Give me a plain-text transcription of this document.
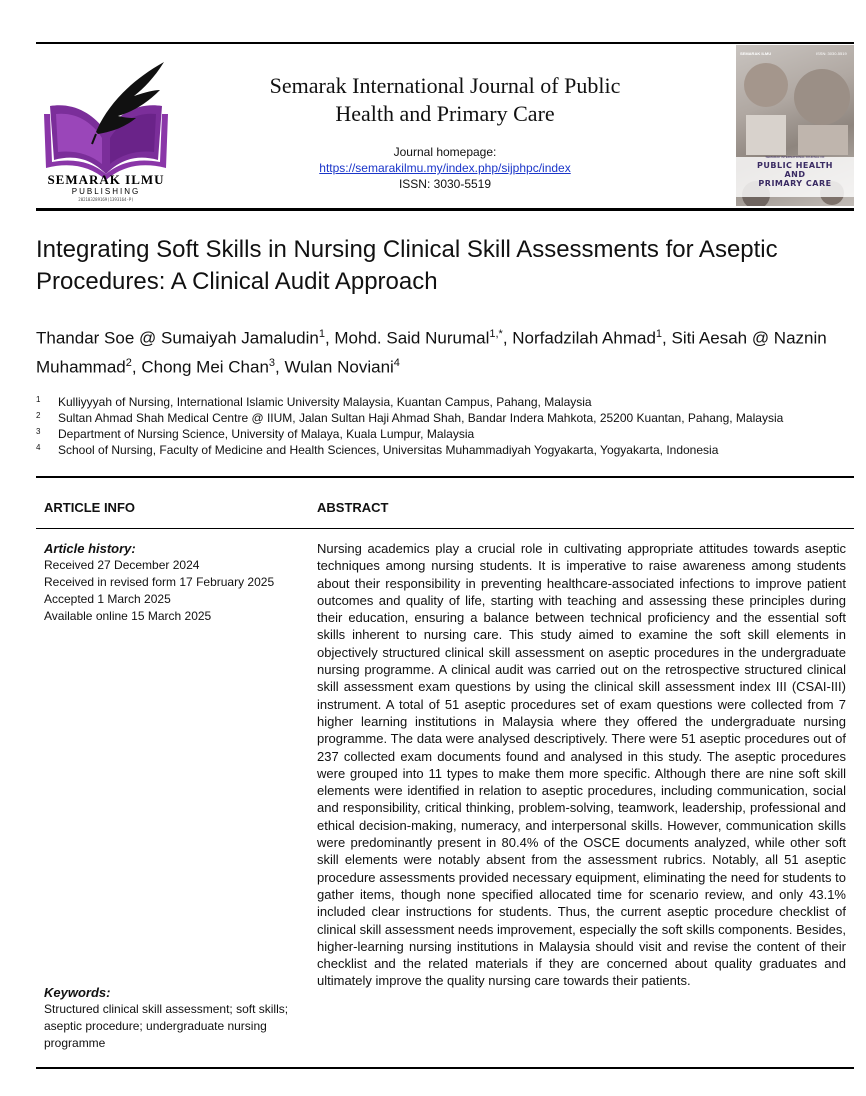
SEMARAK ILMU
PUBLISHING
202103289169(1393164-P)
Semarak International Journal of Public
Health and Primary Care
Journal homepage:
https://semarakilmu.my/index.php/sijphpc/index
ISSN: 3030-5519
SEMARAK ILMU	ISSN: 3030-5519
SEMARAK INTERNATIONAL JOURNAL OF
PUBLIC HEALTH
AND
PRIMARY CARE
Integrating Soft Skills in Nursing Clinical Skill Assessments for Aseptic
Procedures: A Clinical Audit Approach
Thandar Soe @ Sumaiyah Jamaludin$^1$, Mohd. Said Nurumal$^{1,*}$, Norfadzilah Ahmad$^1$, Siti Aesah @ Naznin Muhammad$^2$, Chong Mei Chan$^3$, Wulan Noviani$^4$
1 Kulliyyyah of Nursing, International Islamic University Malaysia, Kuantan Campus, Pahang, Malaysia
2 Sultan Ahmad Shah Medical Centre @ IIUM, Jalan Sultan Haji Ahmad Shah, Bandar Indera Mahkota, 25200 Kuantan, Pahang, Malaysia
3 Department of Nursing Science, University of Malaya, Kuala Lumpur, Malaysia
4 School of Nursing, Faculty of Medicine and Health Sciences, Universitas Muhammadiyah Yogyakarta, Yogyakarta, Indonesia
ARTICLE INFO	ABSTRACT
Article history:
Received 27 December 2024
Received in revised form 17 February 2025
Accepted 1 March 2025
Available online 15 March 2025
Keywords:
Structured clinical skill assessment; soft skills; aseptic procedure; undergraduate nursing programme
Nursing academics play a crucial role in cultivating appropriate attitudes towards aseptic techniques among nursing students. It is imperative to raise awareness among students about their responsibility in preventing healthcare-associated infections to improve patient outcomes and quality of life, starting with teaching and assessing these principles during their education, ensuring a balance between technical proficiency and the essential soft skills inherent to nursing care. This study aimed to examine the soft skill elements in objectively structured clinical skill assessment on aseptic procedures in the undergraduate nursing programme. A clinical audit was carried out on the retrospective structured clinical skill assessment exam questions by using the clinical skill assessment index III (CSAI-III) instrument. A total of 51 aseptic procedures set of exam questions were collected from 7 higher learning institutions in Malaysia where they offered the undergraduate nursing programme. The data were analysed descriptively. There were 51 aseptic procedures out of 237 collected exam documents found and analysed in this study. The aseptic procedures were grouped into 11 types to make them more specific. Although there are nine soft skill elements were identified in relation to aseptic procedures, including communication, social and responsibility, critical thinking, problem-solving, teamwork, leadership, professional and ethical decision-making, numeracy, and interpersonal skills. However, communication skills were predominantly present in 80.4% of the OSCE documents analyzed, while other soft skill elements were notably absent from the assessment rubrics. Notably, all 51 aseptic procedure assessments provided necessary equipment, eliminating the need for students to gather items, though none specified allocated time for scenario review, and only 43.1% included clear instructions for students. Thus, the current aseptic procedure checklist of clinical skill assessment needs improvement, especially the soft skills components. Besides, higher-learning nursing institutions in Malaysia should visit and revise the content of their checklist and the related materials if they are concerned about quality graduates and ultimately improve the quality nursing care towards their patients.
